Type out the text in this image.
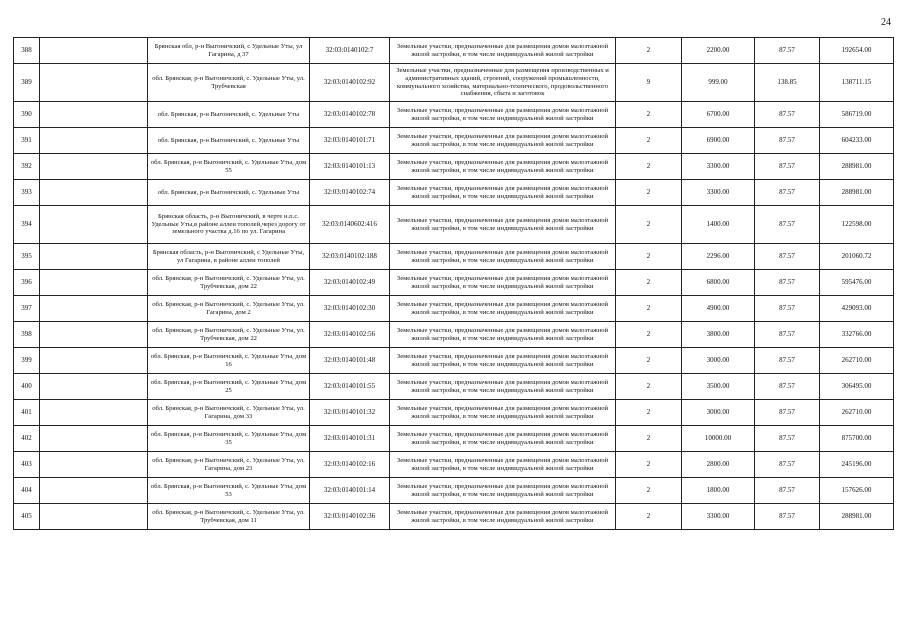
24
388		Брянская обл, р-н Выгоничский, с Удельные Уты, ул Гагарина, д 37	32:03:0140102:7	Земельные участки, предназначенные для размещения домов малоэтажной жилой застройки, в том числе индивидуальной жилой застройки	2	2200.00	87.57	192654.00
389		обл. Брянская, р-н Выгоничский, с. Удельные Уты, ул. Трубчевская	32:03:0140102:92	Земельные участки, предназначенные для размещения производственных и административных зданий, строений, сооружений промышленности, коммунального хозяйства, материально-технического, продовольственного снабжения, сбыта и заготовок	9	999.00	138.85	138711.15
390		обл. Брянская, р-н Выгоничский, с. Удельные Уты	32:03:0140102:78	Земельные участки, предназначенные для размещения домов малоэтажной жилой застройки, в том числе индивидуальной жилой застройки	2	6700.00	87.57	586719.00
391		обл. Брянская, р-н Выгоничский, с. Удельные Уты	32:03:0140101:71	Земельные участки, предназначенные для размещения домов малоэтажной жилой застройки, в том числе индивидуальной жилой застройки	2	6900.00	87.57	604233.00
392		обл. Брянская, р-н Выгоничский, с. Удельные Уты, дом 55	32:03:0140101:13	Земельные участки, предназначенные для размещения домов малоэтажной жилой застройки, в том числе индивидуальной жилой застройки	2	3300.00	87.57	288981.00
393		обл. Брянская, р-н Выгоничский, с. Удельные Уты	32:03:0140102:74	Земельные участки, предназначенные для размещения домов малоэтажной жилой застройки, в том числе индивидуальной жилой застройки	2	3300.00	87.57	288981.00
394		Брянская область, р-н Выгоничский, в черте н.п.с. Удельные Уты,в районе аллеи тополей,через дорогу от земельного участка д.16 по ул. Гагарина	32:03:0140602:416	Земельные участки, предназначенные для размещения домов малоэтажной жилой застройки, в том числе индивидуальной жилой застройки	2	1400.00	87.57	122598.00
395		Брянская область, р-н Выгоничский, с Удельные Уты, ул Гагарина, в районе аллеи тополей	32:03:0140102:188	Земельные участки, предназначенные для размещения домов малоэтажной жилой застройки, в том числе индивидуальной жилой застройки	2	2296.00	87.57	201060.72
396		обл. Брянская, р-н Выгоничский, с. Удельные Уты, ул. Трубчевская, дом 22	32:03:0140102:49	Земельные участки, предназначенные для размещения домов малоэтажной жилой застройки, в том числе индивидуальной жилой застройки	2	6800.00	87.57	595476.00
397		обл. Брянская, р-н Выгоничский, с. Удельные Уты, ул. Гагарина, дом 2	32:03:0140102:30	Земельные участки, предназначенные для размещения домов малоэтажной жилой застройки, в том числе индивидуальной жилой застройки	2	4900.00	87.57	429093.00
398		обл. Брянская, р-н Выгоничский, с. Удельные Уты, ул. Трубчевская, дом 22	32:03:0140102:56	Земельные участки, предназначенные для размещения домов малоэтажной жилой застройки, в том числе индивидуальной жилой застройки	2	3800.00	87.57	332766.00
399		обл. Брянская, р-н Выгоничский, с. Удельные Уты, дом 16	32:03:0140101:48	Земельные участки, предназначенные для размещения домов малоэтажной жилой застройки, в том числе индивидуальной жилой застройки	2	3000.00	87.57	262710.00
400		обл. Брянская, р-н Выгоничский, с. Удельные Уты, дом 25	32:03:0140101:55	Земельные участки, предназначенные для размещения домов малоэтажной жилой застройки, в том числе индивидуальной жилой застройки	2	3500.00	87.57	306495.00
401		обл. Брянская, р-н Выгоничский, с. Удельные Уты, ул. Гагарина, дом 33	32:03:0140101:32	Земельные участки, предназначенные для размещения домов малоэтажной жилой застройки, в том числе индивидуальной жилой застройки	2	3000.00	87.57	262710.00
402		обл. Брянская, р-н Выгоничский, с. Удельные Уты, дом 35	32:03:0140101:31	Земельные участки, предназначенные для размещения домов малоэтажной жилой застройки, в том числе индивидуальной жилой застройки	2	10000.00	87.57	875700.00
403		обл. Брянская, р-н Выгоничский, с. Удельные Уты, ул. Гагарина, дом 23	32:03:0140102:16	Земельные участки, предназначенные для размещения домов малоэтажной жилой застройки, в том числе индивидуальной жилой застройки	2	2800.00	87.57	245196.00
404		обл. Брянская, р-н Выгоничский, с. Удельные Уты, дом 53	32:03:0140101:14	Земельные участки, предназначенные для размещения домов малоэтажной жилой застройки, в том числе индивидуальной жилой застройки	2	1800.00	87.57	157626.00
405		обл. Брянская, р-н Выгоничский, с. Удельные Уты, ул. Трубчевская, дом 11	32:03:0140102:36	Земельные участки, предназначенные для размещения домов малоэтажной жилой застройки, в том числе индивидуальной жилой застройки	2	3300.00	87.57	288981.00
